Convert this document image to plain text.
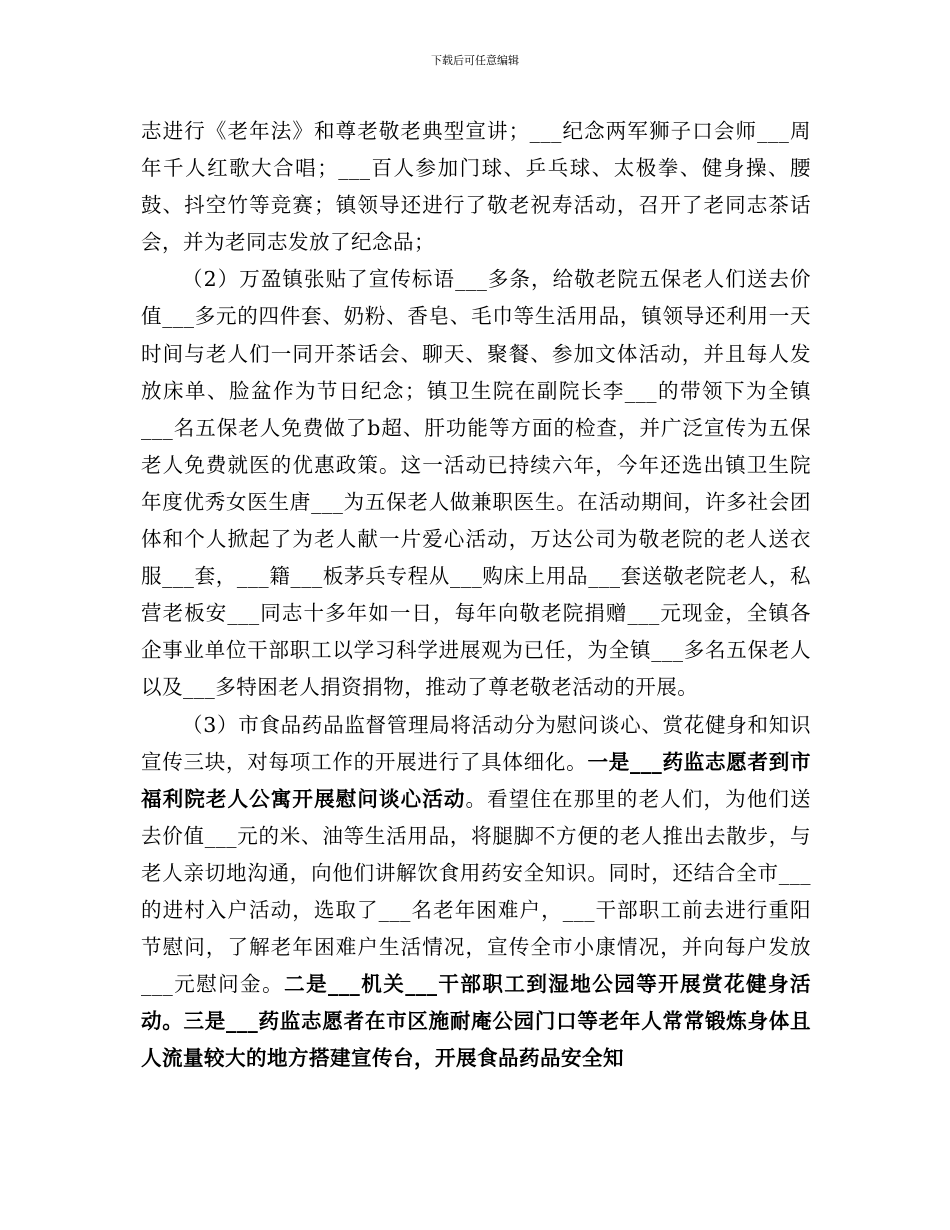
下载后可任意编辑

志进行《老年法》和尊老敬老典型宣讲；___纪念两军狮子口会师___周年千人红歌大合唱；___百人参加门球、乒乓球、太极拳、健身操、腰鼓、抖空竹等竞赛；镇领导还进行了敬老祝寿活动，召开了老同志茶话会，并为老同志发放了纪念品；

（2）万盈镇张贴了宣传标语___多条，给敬老院五保老人们送去价值___多元的四件套、奶粉、香皂、毛巾等生活用品，镇领导还利用一天时间与老人们一同开茶话会、聊天、聚餐、参加文体活动，并且每人发放床单、脸盆作为节日纪念；镇卫生院在副院长李___的带领下为全镇___名五保老人免费做了b超、肝功能等方面的检查，并广泛宣传为五保老人免费就医的优惠政策。这一活动已持续六年，今年还选出镇卫生院年度优秀女医生唐___为五保老人做兼职医生。在活动期间，许多社会团体和个人掀起了为老人献一片爱心活动，万达公司为敬老院的老人送衣服___套，___籍___板茅兵专程从___购床上用品___套送敬老院老人，私营老板安___同志十多年如一日，每年向敬老院捐赠___元现金，全镇各企事业单位干部职工以学习科学进展观为已任，为全镇___多名五保老人以及___多特困老人捐资捐物，推动了尊老敬老活动的开展。

（3）市食品药品监督管理局将活动分为慰问谈心、赏花健身和知识宣传三块，对每项工作的开展进行了具体细化。一是___药监志愿者到市福利院老人公寓开展慰问谈心活动。看望住在那里的老人们，为他们送去价值___元的米、油等生活用品，将腿脚不方便的老人推出去散步，与老人亲切地沟通，向他们讲解饮食用药安全知识。同时，还结合全市___的进村入户活动，选取了___名老年困难户，___干部职工前去进行重阳节慰问，了解老年困难户生活情况，宣传全市小康情况，并向每户发放___元慰问金。二是___机关___干部职工到湿地公园等开展赏花健身活动。三是___药监志愿者在市区施耐庵公园门口等老年人常常锻炼身体且人流量较大的地方搭建宣传台，开展食品药品安全知
